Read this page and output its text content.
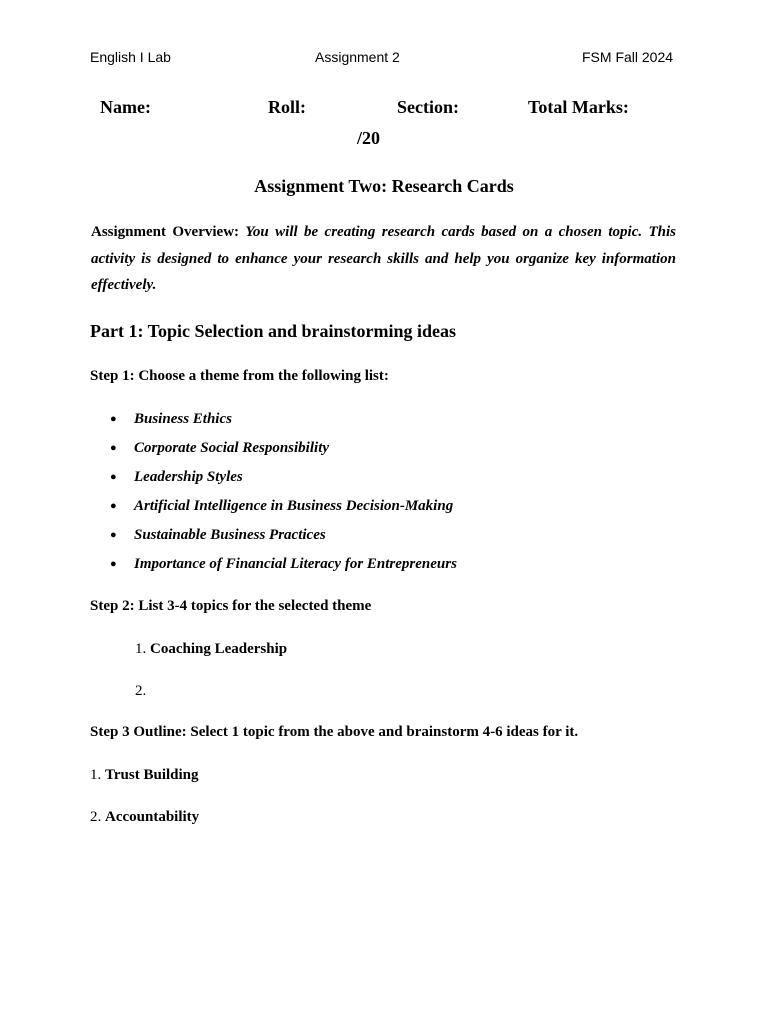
English I Lab	Assignment 2	FSM Fall 2024
Name:	Roll:	Section:	Total Marks:
/20
Assignment Two: Research Cards
Assignment Overview: You will be creating research cards based on a chosen topic. This activity is designed to enhance your research skills and help you organize key information effectively.
Part 1: Topic Selection and brainstorming ideas
Step 1: Choose a theme from the following list:
● Business Ethics
● Corporate Social Responsibility
● Leadership Styles
● Artificial Intelligence in Business Decision-Making
● Sustainable Business Practices
● Importance of Financial Literacy for Entrepreneurs
Step 2: List 3-4 topics for the selected theme
1. Coaching Leadership
2.
Step 3 Outline: Select 1 topic from the above and brainstorm 4-6 ideas for it.
1. Trust Building
2. Accountability
